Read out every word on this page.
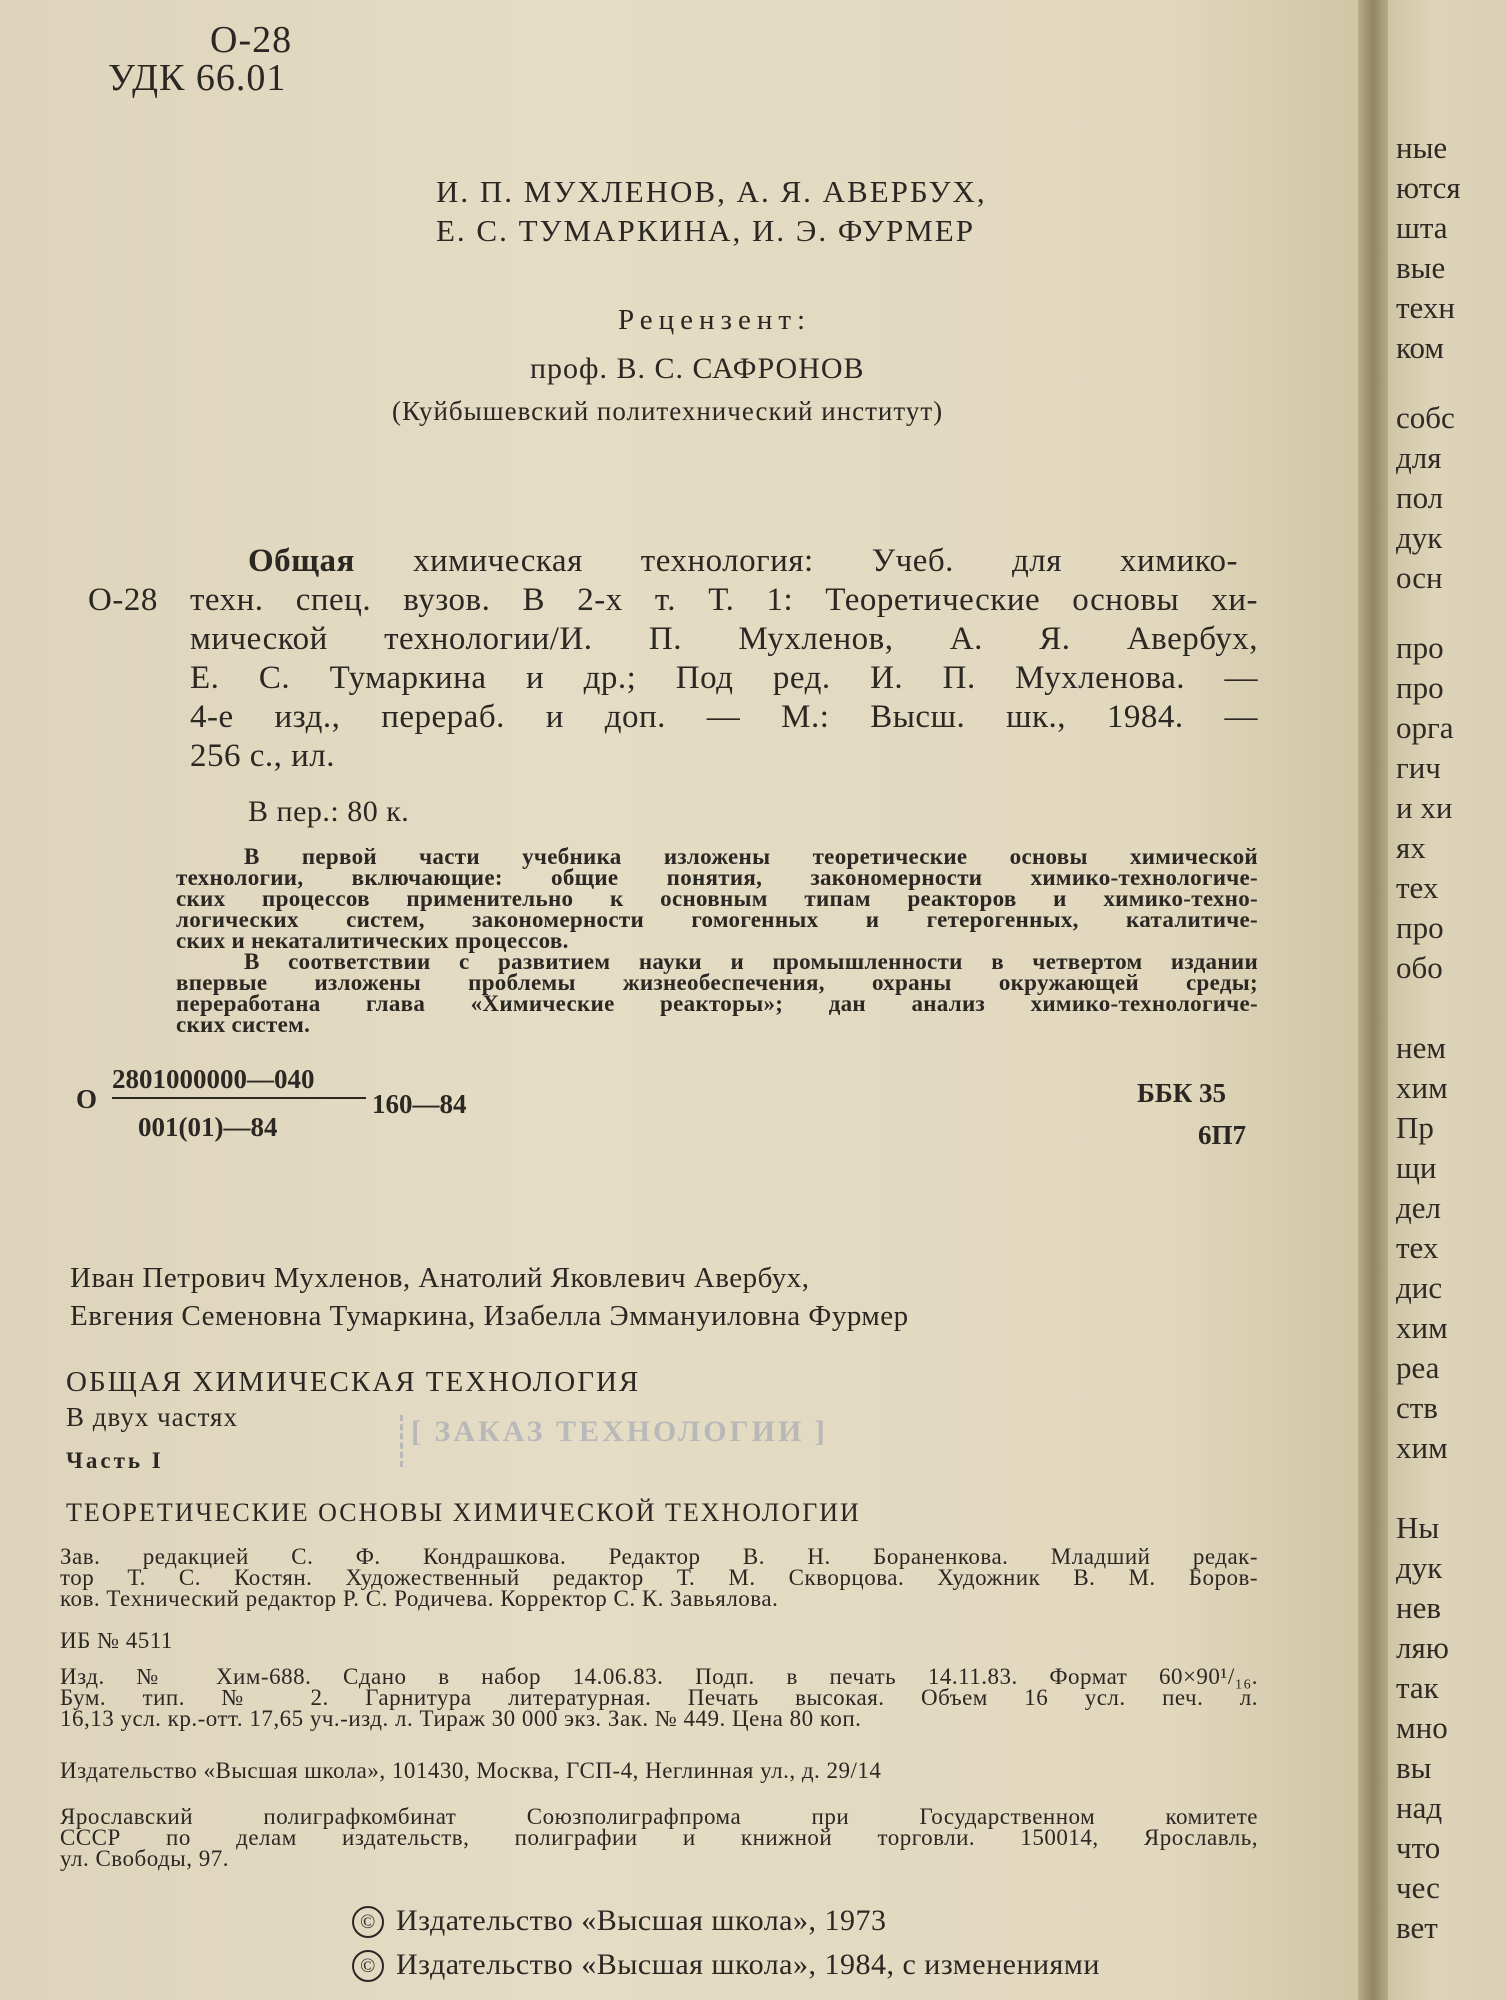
О-28
УДК 66.01
И. П. МУХЛЕНОВ, А. Я. АВЕРБУХ,
Е. С. ТУМАРКИНА, И. Э. ФУРМЕР
Рецензент:
проф. В. С. САФРОНОВ
(Куйбышевский политехнический институт)
О-28
Общая химическая технология: Учеб. для химико-
техн. спец. вузов. В 2-х т. Т. 1: Теоретические основы хи-
мической технологии/И. П. Мухленов, А. Я. Авербух,
Е. С. Тумаркина и др.; Под ред. И. П. Мухленова. —
4-е изд., перераб. и доп. — М.: Высш. шк., 1984. —
256 с., ил.
В пер.: 80 к.
В первой части учебника изложены теоретические основы химической
технологии, включающие: общие понятия, закономерности химико-технологиче-
ских процессов применительно к основным типам реакторов и химико-техно-
логических систем, закономерности гомогенных и гетерогенных, каталитиче-
ских и некаталитических процессов.
В соответствии с развитием науки и промышленности в четвертом издании
впервые изложены проблемы жизнеобеспечения, охраны окружающей среды;
переработана глава «Химические реакторы»; дан анализ химико-технологиче-
ских систем.
О
2801000000—040
001(01)—84
160—84	ББК 35
6П7
Иван Петрович Мухленов, Анатолий Яковлевич Авербух,
Евгения Семеновна Тумаркина, Изабелла Эммануиловна Фурмер
[ ЗАКАЗ ТЕХНОЛОГИИ ]
ОБЩАЯ ХИМИЧЕСКАЯ ТЕХНОЛОГИЯ
В двух частях
Часть I
ТЕОРЕТИЧЕСКИЕ ОСНОВЫ ХИМИЧЕСКОЙ ТЕХНОЛОГИИ
Зав. редакцией С. Ф. Кондрашкова. Редактор В. Н. Бораненкова. Младший редак-
тор Т. С. Костян. Художественный редактор Т. М. Скворцова. Художник В. М. Боров-
ков. Технический редактор Р. С. Родичева. Корректор С. К. Завьялова.
ИБ № 4511
Изд. № Хим-688. Сдано в набор 14.06.83. Подп. в печать 14.11.83. Формат 60×90¹/₁₆.
Бум. тип. № 2. Гарнитура литературная. Печать высокая. Объем 16 усл. печ. л.
16,13 усл. кр.-отт. 17,65 уч.-изд. л. Тираж 30 000 экз. Зак. № 449. Цена 80 коп.
Издательство «Высшая школа», 101430, Москва, ГСП-4, Неглинная ул., д. 29/14
Ярославский полиграфкомбинат Союзполиграфпрома при Государственном комитете
СССР по делам издательств, полиграфии и книжной торговли. 150014, Ярославль,
ул. Свободы, 97.
© Издательство «Высшая школа», 1973
© Издательство «Высшая школа», 1984, с изменениями
ные
ются
шта
вые
техн
ком
собс
для
пол
дук
осн
про
про
орга
гич
и хи
ях
тех
про
обо
нем
хим
Пр
щи
дел
тех
дис
хим
реа
ств
хим
Ны
дук
нев
ляю
так
мно
вы
над
что
чес
вет
